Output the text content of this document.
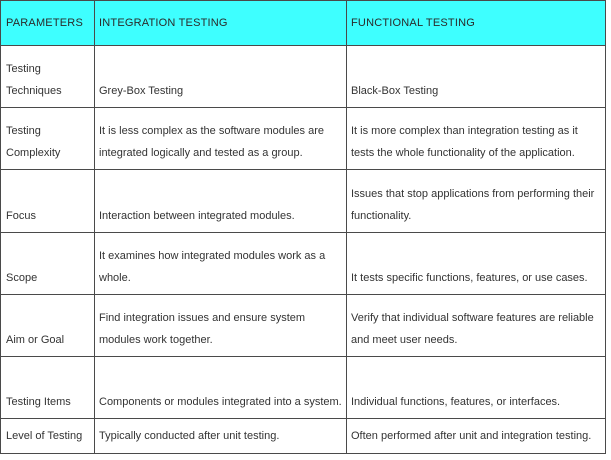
PARAMETERS	INTEGRATION TESTING	FUNCTIONAL TESTING
Testing Techniques	Grey-Box Testing	Black-Box Testing
Testing Complexity	It is less complex as the software modules are integrated logically and tested as a group.	It is more complex than integration testing as it tests the whole functionality of the application.
Focus	Interaction between integrated modules.	Issues that stop applications from performing their functionality.
Scope	It examines how integrated modules work as a whole.	It tests specific functions, features, or use cases.
Aim or Goal	Find integration issues and ensure system modules work together.	Verify that individual software features are reliable and meet user needs.
Testing Items	Components or modules integrated into a system.	Individual functions, features, or interfaces.
Level of Testing	Typically conducted after unit testing.	Often performed after unit and integration testing.
